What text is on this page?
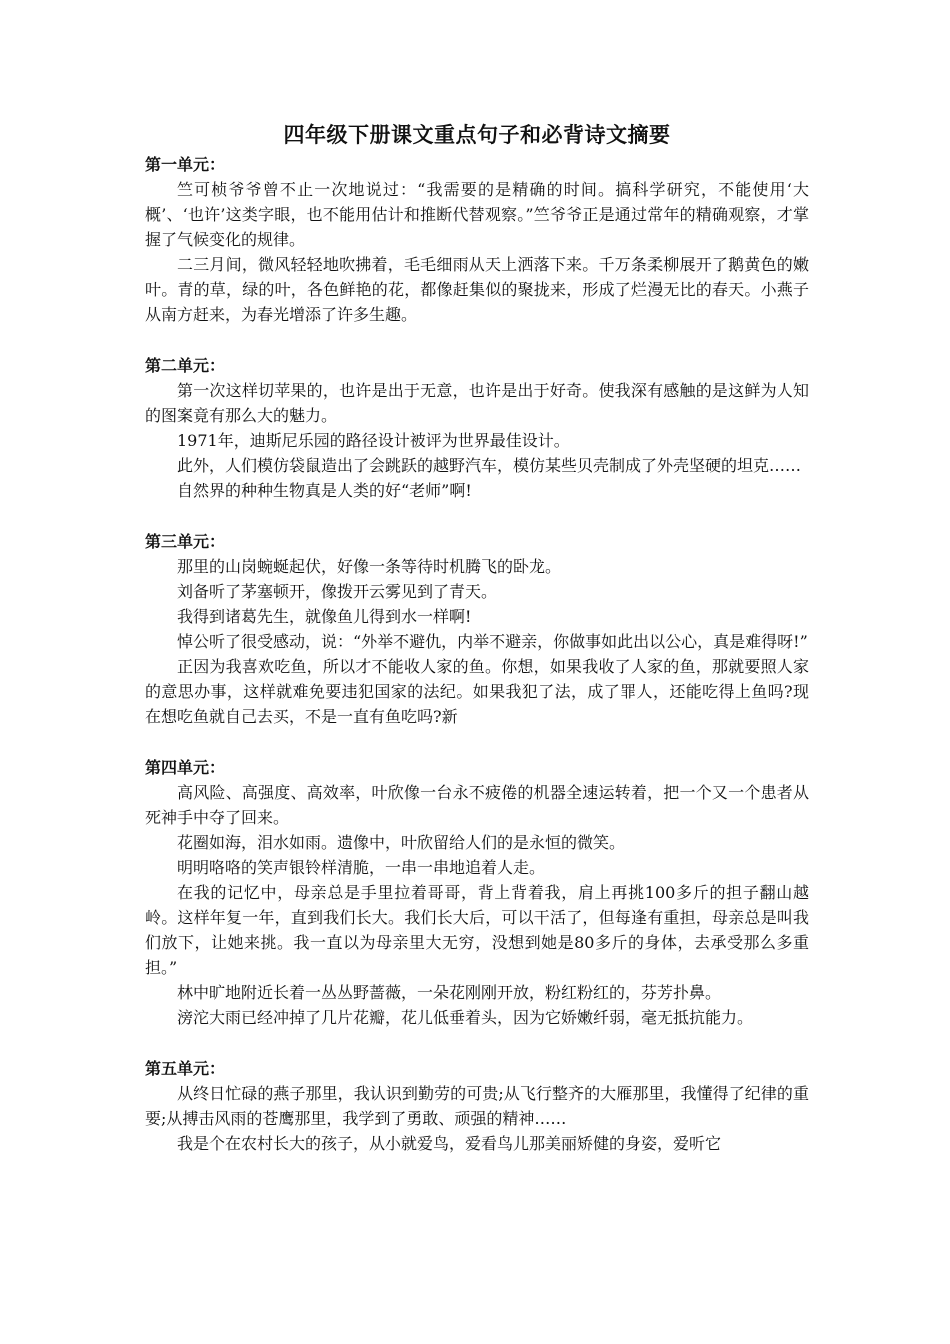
四年级下册课文重点句子和必背诗文摘要

第一单元：

竺可桢爷爷曾不止一次地说过：“我需要的是精确的时间。搞科学研究，不能使用‘大概’、‘也许’这类字眼，也不能用估计和推断代替观察。”竺爷爷正是通过常年的精确观察，才掌握了气候变化的规律。

二三月间，微风轻轻地吹拂着，毛毛细雨从天上洒落下来。千万条柔柳展开了鹅黄色的嫩叶。青的草，绿的叶，各色鲜艳的花，都像赶集似的聚拢来，形成了烂漫无比的春天。小燕子从南方赶来，为春光增添了许多生趣。

第二单元：

第一次这样切苹果的，也许是出于无意，也许是出于好奇。使我深有感触的是这鲜为人知的图案竟有那么大的魅力。

1971年，迪斯尼乐园的路径设计被评为世界最佳设计。

此外，人们模仿袋鼠造出了会跳跃的越野汽车，模仿某些贝壳制成了外壳坚硬的坦克……

自然界的种种生物真是人类的好“老师”啊!

第三单元：

那里的山岗蜿蜒起伏，好像一条等待时机腾飞的卧龙。

刘备听了茅塞顿开，像拨开云雾见到了青天。

我得到诸葛先生，就像鱼儿得到水一样啊!

悼公听了很受感动，说：“外举不避仇，内举不避亲，你做事如此出以公心，真是难得呀!”

正因为我喜欢吃鱼，所以才不能收人家的鱼。你想，如果我收了人家的鱼，那就要照人家的意思办事，这样就难免要违犯国家的法纪。如果我犯了法，成了罪人，还能吃得上鱼吗?现在想吃鱼就自己去买，不是一直有鱼吃吗?新

第四单元：

高风险、高强度、高效率，叶欣像一台永不疲倦的机器全速运转着，把一个又一个患者从死神手中夺了回来。

花圈如海，泪水如雨。遗像中，叶欣留给人们的是永恒的微笑。

明明咯咯的笑声银铃样清脆，一串一串地追着人走。

在我的记忆中，母亲总是手里拉着哥哥，背上背着我，肩上再挑100多斤的担子翻山越岭。这样年复一年，直到我们长大。我们长大后，可以干活了，但每逢有重担，母亲总是叫我们放下，让她来挑。我一直以为母亲里大无穷，没想到她是80多斤的身体，去承受那么多重担。”

林中旷地附近长着一丛丛野蔷薇，一朵花刚刚开放，粉红粉红的，芬芳扑鼻。

滂沱大雨已经冲掉了几片花瓣，花儿低垂着头，因为它娇嫩纤弱，毫无抵抗能力。

第五单元：

从终日忙碌的燕子那里，我认识到勤劳的可贵;从飞行整齐的大雁那里，我懂得了纪律的重要;从搏击风雨的苍鹰那里，我学到了勇敢、顽强的精神……

我是个在农村长大的孩子，从小就爱鸟，爱看鸟儿那美丽矫健的身姿，爱听它
